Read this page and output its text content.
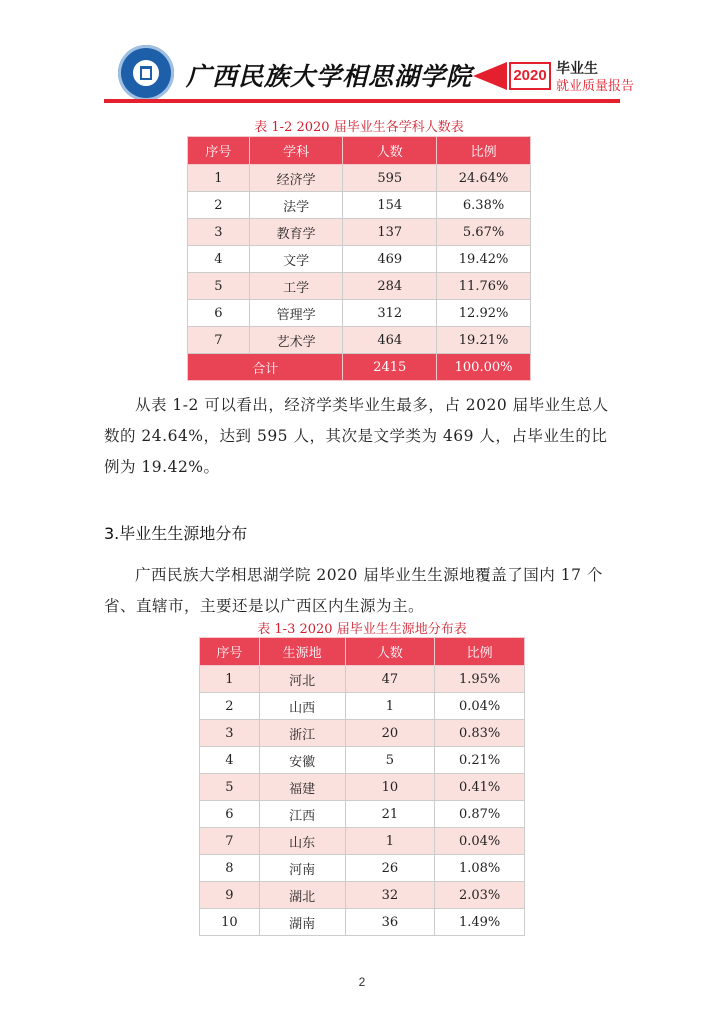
广西民族大学相思湖学院	2020 毕业生
就业质量报告
表 1-2 2020 届毕业生各学科人数表
序号	学科	人数	比例
1	经济学	595	24.64%
2	法学	154	6.38%
3	教育学	137	5.67%
4	文学	469	19.42%
5	工学	284	11.76%
6	管理学	312	12.92%
7	艺术学	464	19.21%
合计		2415	100.00%

从表 1-2 可以看出，经济学类毕业生最多，占 2020 届毕业生总人数的 24.64%，达到 595 人，其次是文学类为 469 人，占毕业生的比例为 19.42%。

3.毕业生生源地分布

广西民族大学相思湖学院 2020 届毕业生生源地覆盖了国内 17 个省、直辖市，主要还是以广西区内生源为主。

表 1-3 2020 届毕业生生源地分布表
序号	生源地	人数	比例
1	河北	47	1.95%
2	山西	1	0.04%
3	浙江	20	0.83%
4	安徽	5	0.21%
5	福建	10	0.41%
6	江西	21	0.87%
7	山东	1	0.04%
8	河南	26	1.08%
9	湖北	32	2.03%
10	湖南	36	1.49%
2
